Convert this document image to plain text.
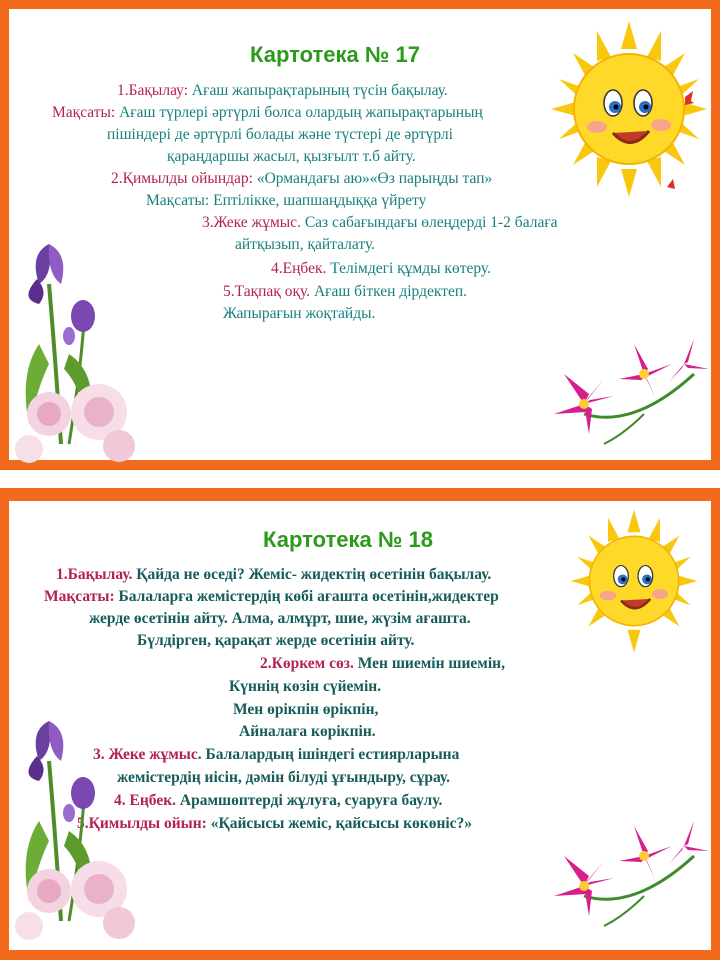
Картотека № 17
1.Бақылау: Ағаш жапырақтарының түсін бақылау.
Мақсаты: Ағаш түрлері әртүрлі болса олардың жапырақтарының
пішіндері де әртүрлі болады және түстері де әртүрлі
қараңдаршы жасыл, қызғылт т.б айту.
2.Қимылды ойындар: «Ормандағы аю»«Өз парыңды тап»
Мақсаты: Ептілікке, шапшаңдыққа үйрету
3.Жеке жұмыс. Саз сабағындағы өлеңдерді 1-2 балаға
айтқызып, қайталату.
4.Еңбек. Телімдегі құмды көтеру.
5.Тақпақ оқу. Ағаш біткен дірдектеп.
Жапырағын жоқтайды.
Картотека № 18
1.Бақылау. Қайда не өседі? Жеміс- жидектің өсетінін бақылау.
Мақсаты: Балаларға жемістердің көбі ағашта өсетінін,жидектер
жерде өсетінін айту. Алма, алмұрт, шие, жүзім ағашта.
Бүлдірген, қарақат жерде өсетінін айту.
2.Көркем сөз. Мен шиемін шиемін,
Күннің көзін сүйемін.
Мен өрікпін өрікпін,
Айналаға көрікпін.
3. Жеке жұмыс. Балалардың ішіндегі естиярларына
жемістердің иісін, дәмін білуді ұғындыру, сұрау.
4. Еңбек. Арамшөптерді жұлуға, суаруға баулу.
5.Қимылды ойын: «Қайсысы жеміс, қайсысы көкөніс?»
